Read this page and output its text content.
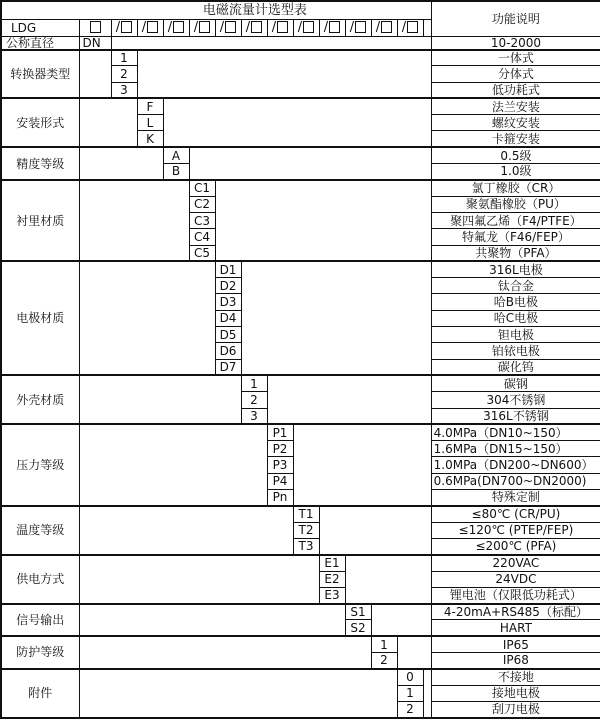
	电磁流量计选型表														功能说明
LDG		/	/	/	/	/	/	/	/	/	/	/	/		
公称直径	DN														10-2000
转换器类型		1													一体式
		2													分体式
		3													低功耗式
安装形式			F												法兰安装
			L												螺纹安装
			K												卡箍安装
精度等级				A											0.5级
				B											1.0级
衬里材质					C1										氯丁橡胶（CR）
					C2										聚氨酯橡胶（PU）
					C3										聚四氟乙烯（F4/PTFE）
					C4										特氟龙（F46/FEP）
					C5										共聚物（PFA）
电极材质						D1									316L电极
						D2									钛合金
						D3									哈B电极
						D4									哈C电极
						D5									钽电极
						D6									铂铱电极
						D7									碳化钨
外壳材质							1								碳钢
							2								304不锈钢
							3								316L不锈钢
压力等级								P1							4.0MPa（DN10~150）
								P2							1.6MPa（DN15~150）
								P3							1.0MPa（DN200~DN600）
								P4							0.6MPa(DN700~DN2000)
								Pn							特殊定制
温度等级									T1						≤80℃ (CR/PU)
									T2						≤120℃ (PTEP/FEP)
									T3						≤200℃ (PFA)
供电方式										E1					220VAC
										E2					24VDC
										E3					锂电池（仅限低功耗式）
信号输出											S1				4-20mA+RS485（标配）
											S2				HART
防护等级												1			IP65
												2			IP68
附件													0		不接地
													1		接地电极
													2		刮刀电极
